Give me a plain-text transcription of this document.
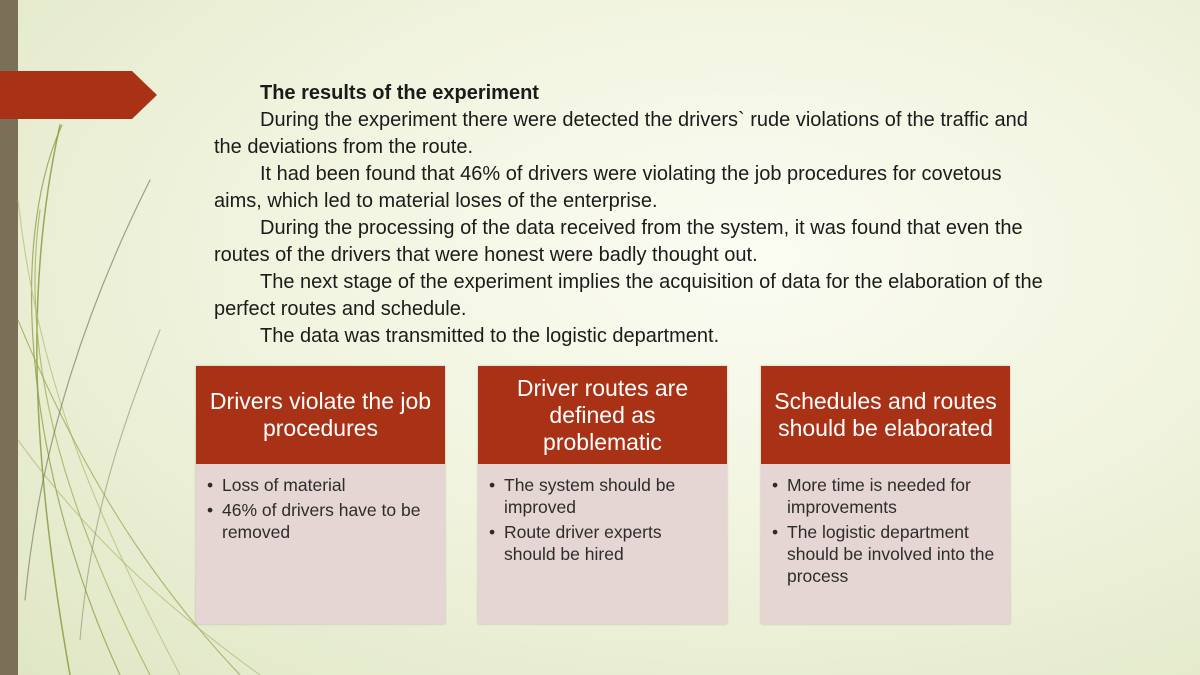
The results of the experiment

During the experiment there were detected the drivers` rude violations of the traffic and the deviations from the route.

It had been found that 46% of drivers were violating the job procedures for covetous aims, which led to material loses of the enterprise.

During the processing of the data received from the system, it was found that even the routes of the drivers that were honest were badly thought out.

The next stage of the experiment implies the acquisition of data for the elaboration of the perfect routes and schedule.

The data was transmitted to the logistic department.

Drivers violate the job procedures
• Loss of material
• 46% of drivers have to be removed
Driver routes are defined as problematic
• The system should be improved
• Route driver experts should be hired
Schedules and routes should be elaborated
• More time is needed for improvements
• The logistic department should be involved into the process
